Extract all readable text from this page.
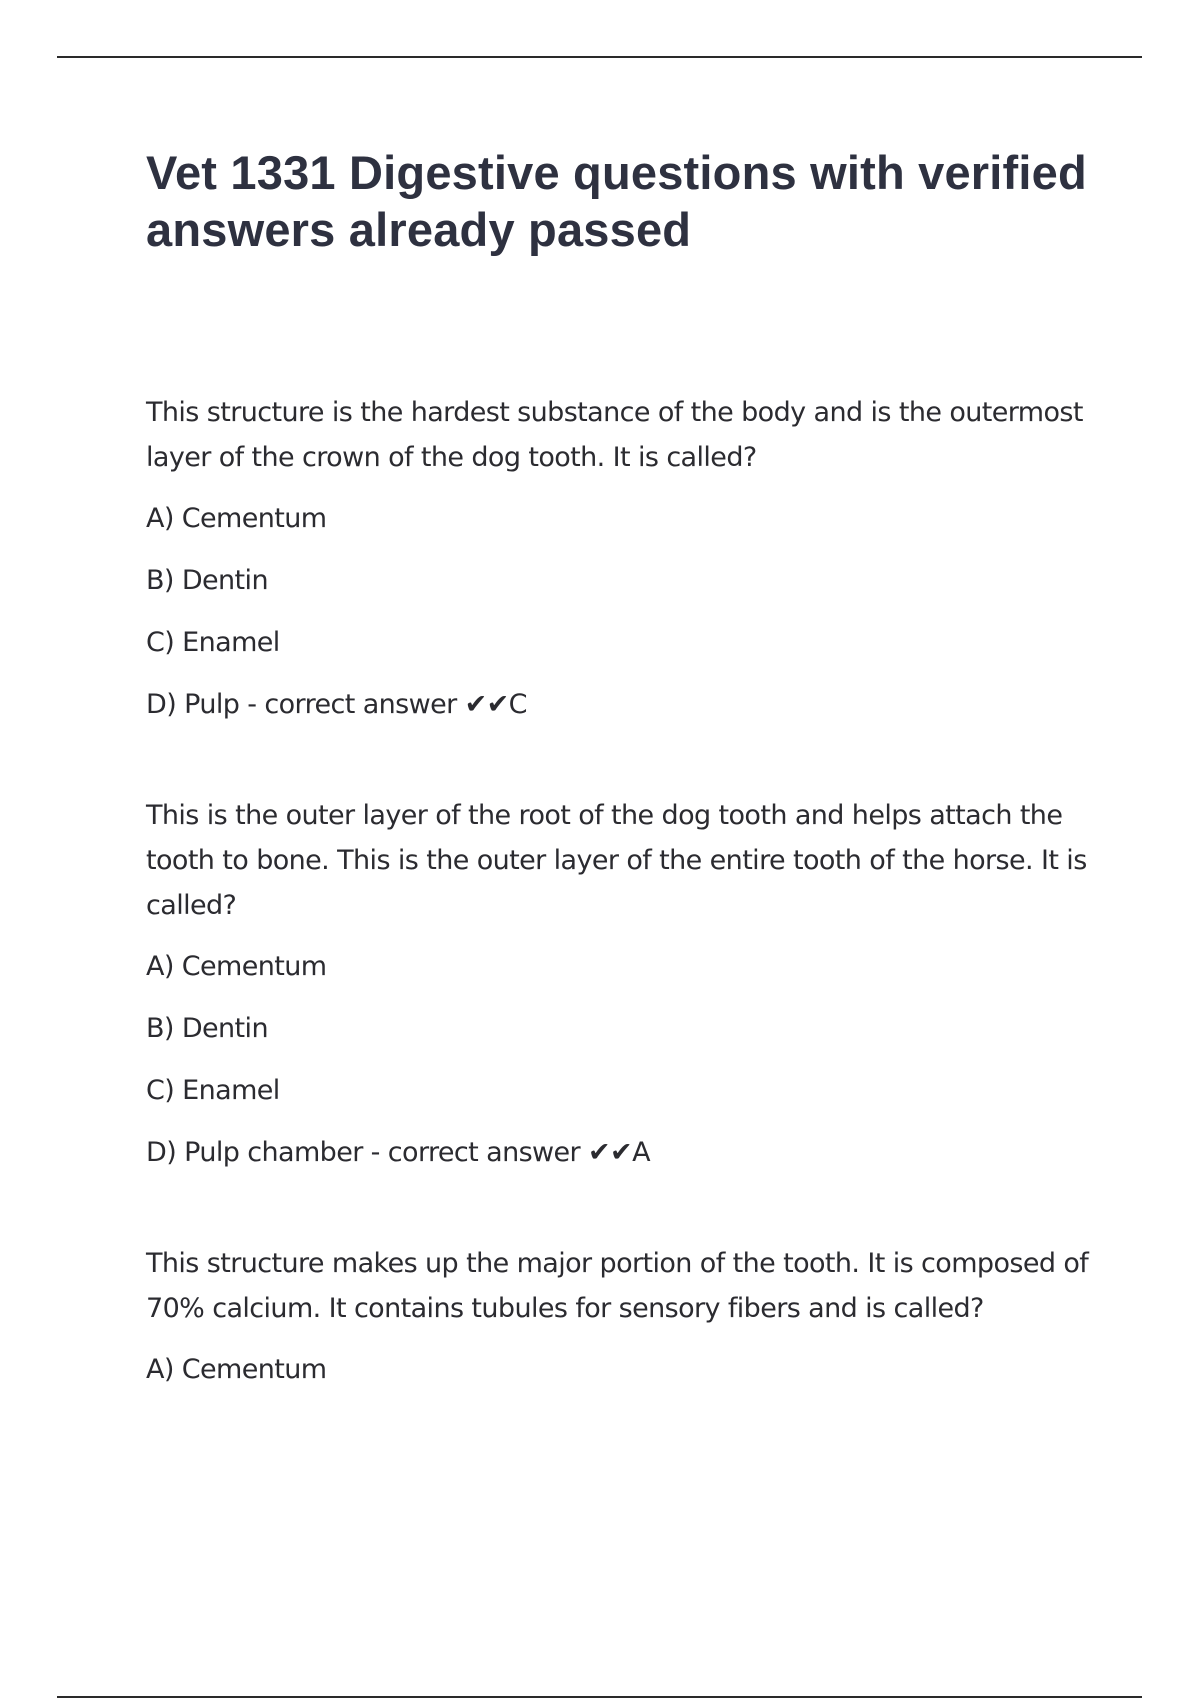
Vet 1331 Digestive questions with verified answers already passed

This structure is the hardest substance of the body and is the outermost layer of the crown of the dog tooth. It is called?

A) Cementum
B) Dentin
C) Enamel
D) Pulp - correct answer ✔✔C

This is the outer layer of the root of the dog tooth and helps attach the tooth to bone. This is the outer layer of the entire tooth of the horse. It is called?

A) Cementum
B) Dentin
C) Enamel
D) Pulp chamber - correct answer ✔✔A

This structure makes up the major portion of the tooth. It is composed of 70% calcium. It contains tubules for sensory fibers and is called?

A) Cementum
